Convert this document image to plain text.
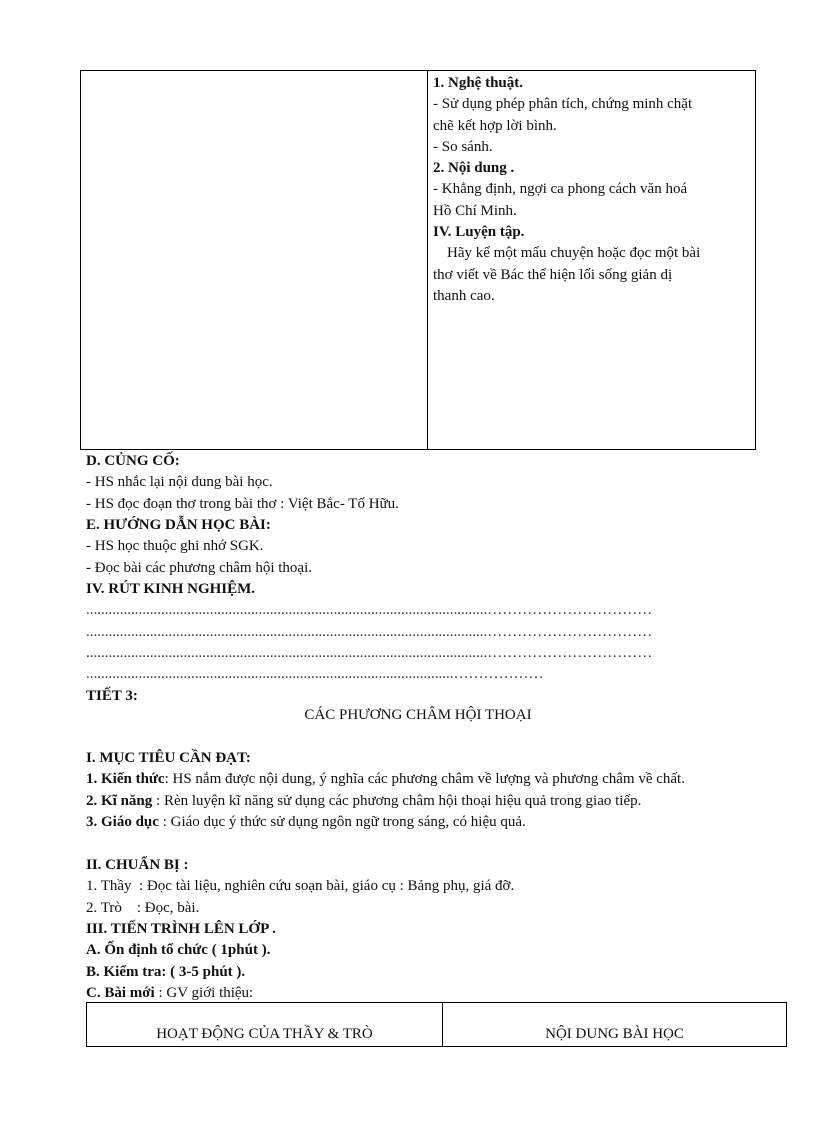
1. Nghệ thuật.
- Sử dụng phép phân tích, chứng minh chặt
chẽ kết hợp lời bình.
- So sánh.
2. Nội dung .
- Khẳng định, ngợi ca phong cách văn hoá
Hồ Chí Minh.
IV. Luyện tập.
Hãy kể một mẩu chuyện hoặc đọc một bài
thơ viết về Bác thể hiện lối sống giản dị
thanh cao.
D. CỦNG CỐ:
- HS nhắc lại nội dung bài học.
- HS đọc đoạn thơ trong bài thơ : Việt Bắc- Tố Hữu.
E. HƯỚNG DẪN HỌC BÀI:
- HS học thuộc ghi nhớ SGK.
- Đọc bài các phương châm hội thoại.
IV. RÚT KINH NGHIỆM.
...........................................................................................................……………………………
...........................................................................................................……………………………
...........................................................................................................……………………………
..................................................................................................………………
TIẾT 3:
CÁC PHƯƠNG CHÂM HỘI THOẠI
I. MỤC TIÊU CẦN ĐẠT:
1. Kiến thức: HS nắm được nội dung, ý nghĩa các phương châm về lượng và phương châm về chất.
2. Kĩ năng : Rèn luyện kĩ năng sử dụng các phương châm hội thoại hiệu quả trong giao tiếp.
3. Giáo dục : Giáo dục ý thức sử dụng ngôn ngữ trong sáng, có hiệu quả.
II. CHUẨN BỊ :
1. Thầy  : Đọc tài liệu, nghiên cứu soạn bài, giáo cụ : Bảng phụ, giá đỡ.
2. Trò    : Đọc, bài.
III. TIẾN TRÌNH LÊN LỚP .
A. Ổn định tổ chức ( 1phút ).
B. Kiểm tra: ( 3-5 phút ).
C. Bài mới : GV giới thiệu:
HOẠT ĐỘNG CỦA THẦY & TRÒ	NỘI DUNG BÀI HỌC
